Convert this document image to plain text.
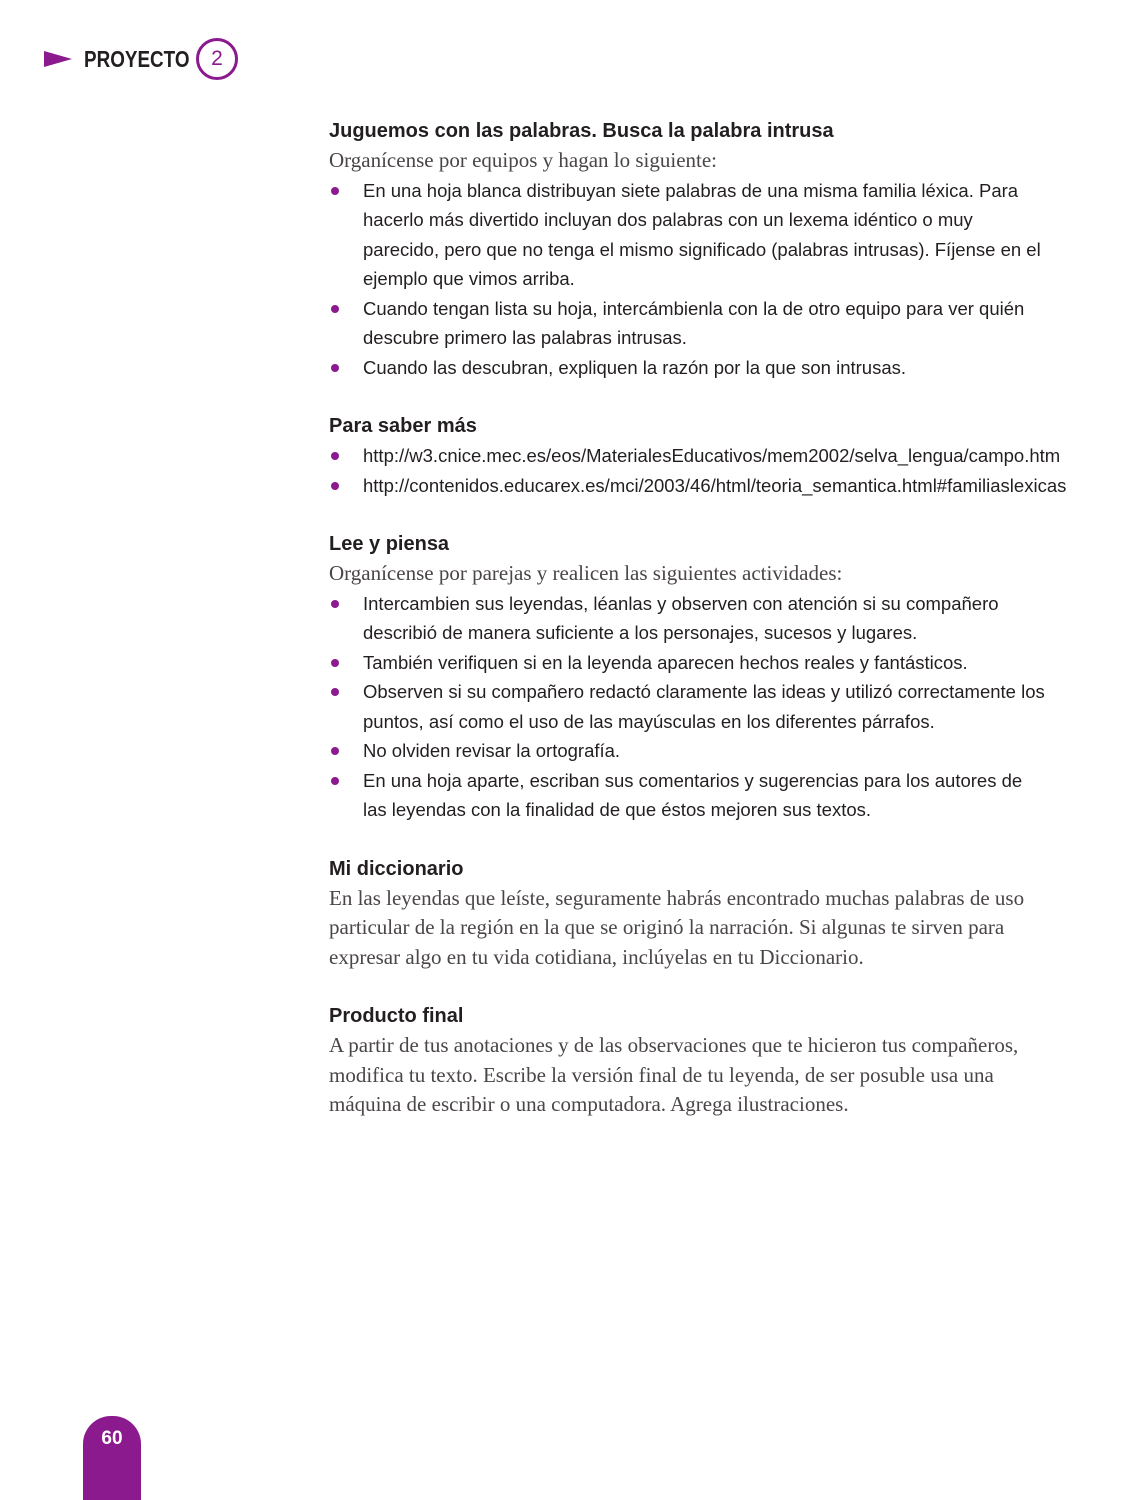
PROYECTO	2
Juguemos con las palabras. Busca la palabra intrusa
Organícense por equipos y hagan lo siguiente:
En una hoja blanca distribuyan siete palabras de una misma familia léxica. Para hacerlo más divertido incluyan dos palabras con un lexema idéntico o muy parecido, pero que no tenga el mismo significado (palabras intrusas). Fíjense en el ejemplo que vimos arriba.
Cuando tengan lista su hoja, intercámbienla con la de otro equipo para ver quién descubre primero las palabras intrusas.
Cuando las descubran, expliquen la razón por la que son intrusas.
Para saber más
http://w3.cnice.mec.es/eos/MaterialesEducativos/mem2002/selva_lengua/campo.htm
http://contenidos.educarex.es/mci/2003/46/html/teoria_semantica.html#familiaslexicas
Lee y piensa
Organícense por parejas y realicen las siguientes actividades:
Intercambien sus leyendas, léanlas y observen con atención si su compañero describió de manera suficiente a los personajes, sucesos y lugares.
También verifiquen si en la leyenda aparecen hechos reales y fantásticos.
Observen si su compañero redactó claramente las ideas y utilizó correctamente los puntos, así como el uso de las mayúsculas en los diferentes párrafos.
No olviden revisar la ortografía.
En una hoja aparte, escriban sus comentarios y sugerencias para los autores de las leyendas con la finalidad de que éstos mejoren sus textos.
Mi diccionario
En las leyendas que leíste, seguramente habrás encontrado muchas palabras de uso particular de la región en la que se originó la narración. Si algunas te sirven para expresar algo en tu vida cotidiana, inclúyelas en tu Diccionario.
Producto final
A partir de tus anotaciones y de las observaciones que te hicieron tus compañeros, modifica tu texto. Escribe la versión final de tu leyenda, de ser posuble usa una máquina de escribir o una computadora. Agrega ilustraciones.
60
